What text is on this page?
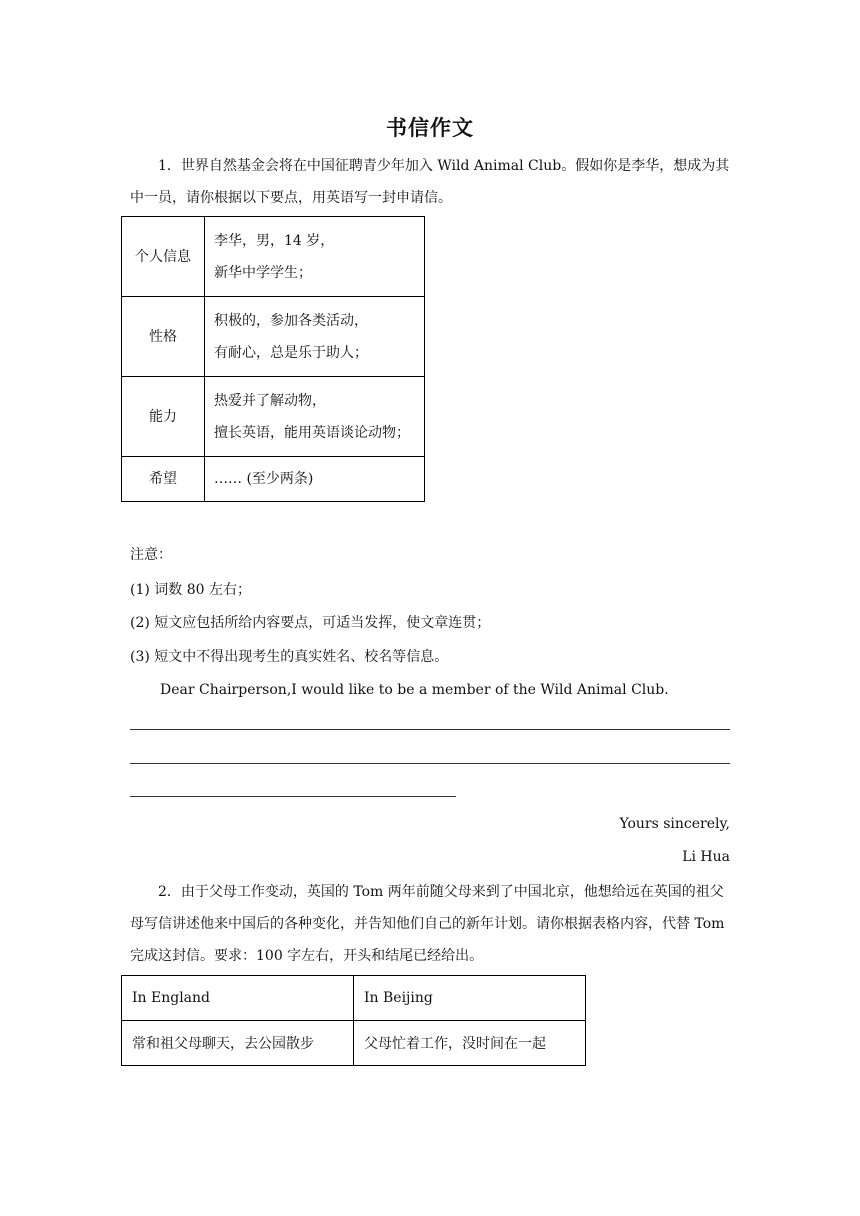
书信作文
1．世界自然基金会将在中国征聘青少年加入 Wild Animal Club。假如你是李华，想成为其中一员，请你根据以下要点，用英语写一封申请信。
个人信息	李华，男，14 岁，
新华中学学生；

性格	积极的，参加各类活动，
有耐心，总是乐于助人；

能力	热爱并了解动物，
擅长英语，能用英语谈论动物；

希望	…… (至少两条)
注意：
(1) 词数 80 左右；
(2) 短文应包括所给内容要点，可适当发挥，使文章连贯；
(3) 短文中不得出现考生的真实姓名、校名等信息。
Dear Chairperson,I would like to be a member of the Wild Animal Club.
Yours sincerely,
Li Hua
2．由于父母工作变动，英国的 Tom 两年前随父母来到了中国北京，他想给远在英国的祖父母写信讲述他来中国后的各种变化，并告知他们自己的新年计划。请你根据表格内容，代替 Tom 完成这封信。要求：100 字左右，开头和结尾已经给出。
In England	In Beijing
常和祖父母聊天，去公园散步	父母忙着工作，没时间在一起
